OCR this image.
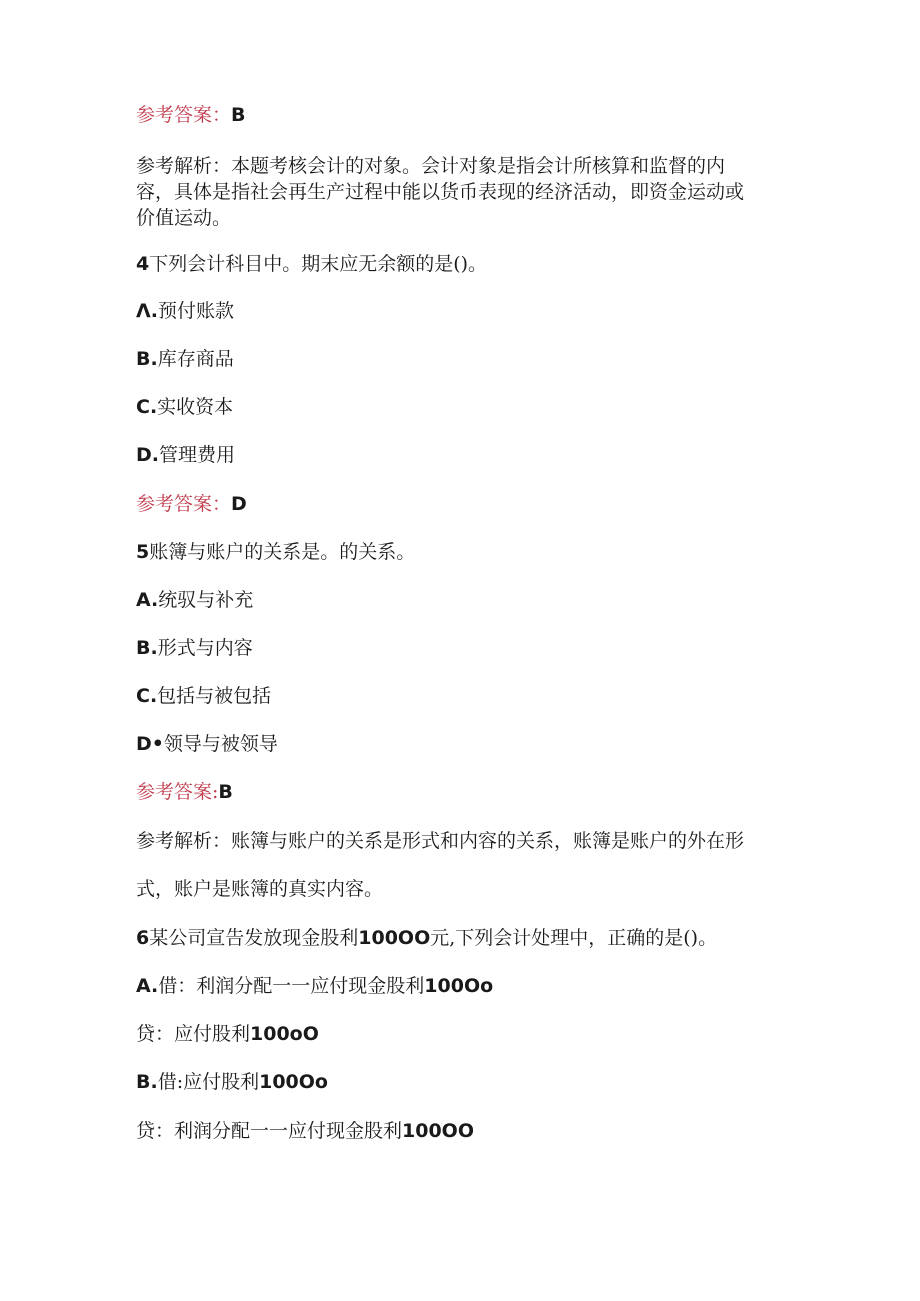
参考答案：B
参考解析：本题考核会计的对象。会计对象是指会计所核算和监督的内
容，具体是指社会再生产过程中能以货币表现的经济活动，即资金运动或
价值运动。
4下列会计科目中。期末应无余额的是()。
Λ.预付账款
B.库存商品
C.实收资本
D.管理费用
参考答案：D
5账簿与账户的关系是。的关系。
A.统驭与补充
B.形式与内容
C.包括与被包括
D•领导与被领导
参考答案:B
参考解析：账簿与账户的关系是形式和内容的关系，账簿是账户的外在形
式，账户是账簿的真实内容。
6某公司宣告发放现金股利100OO元,下列会计处理中，正确的是()。
A.借：利润分配一一应付现金股利100Oo
贷：应付股利100oO
B.借:应付股利100Oo
贷：利润分配一一应付现金股利100OO
